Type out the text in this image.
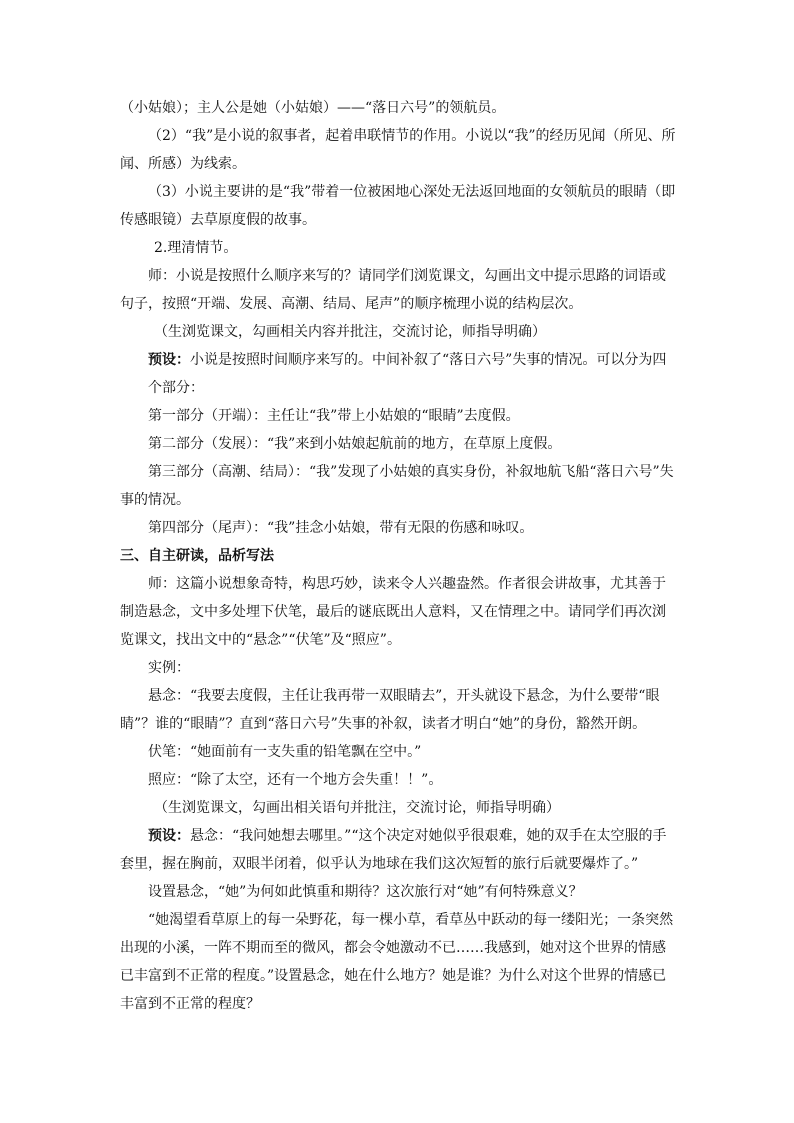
（小姑娘）；主人公是她（小姑娘）——“落日六号”的领航员。

（2）“我”是小说的叙事者，起着串联情节的作用。小说以“我”的经历见闻（所见、所闻、所感）为线索。

（3）小说主要讲的是“我”带着一位被困地心深处无法返回地面的女领航员的眼睛（即传感眼镜）去草原度假的故事。

2.理清情节。

师：小说是按照什么顺序来写的？请同学们浏览课文，勾画出文中提示思路的词语或句子，按照“开端、发展、高潮、结局、尾声”的顺序梳理小说的结构层次。

（生浏览课文，勾画相关内容并批注，交流讨论，师指导明确）

预设：小说是按照时间顺序来写的。中间补叙了“落日六号”失事的情况。可以分为四个部分：

第一部分（开端）：主任让“我”带上小姑娘的“眼睛”去度假。

第二部分（发展）：“我”来到小姑娘起航前的地方，在草原上度假。

第三部分（高潮、结局）：“我”发现了小姑娘的真实身份，补叙地航飞船“落日六号”失事的情况。

第四部分（尾声）：“我”挂念小姑娘，带有无限的伤感和咏叹。

三、自主研读，品析写法

师：这篇小说想象奇特，构思巧妙，读来令人兴趣盎然。作者很会讲故事，尤其善于制造悬念，文中多处埋下伏笔，最后的谜底既出人意料，又在情理之中。请同学们再次浏览课文，找出文中的“悬念”“伏笔”及“照应”。

实例：

悬念：“我要去度假，主任让我再带一双眼睛去”，开头就设下悬念，为什么要带“眼睛”？谁的“眼睛”？直到“落日六号”失事的补叙，读者才明白“她”的身份，豁然开朗。

伏笔：“她面前有一支失重的铅笔飘在空中。”

照应：“除了太空，还有一个地方会失重！！”。

（生浏览课文，勾画出相关语句并批注，交流讨论，师指导明确）

预设：悬念：“我问她想去哪里。”“这个决定对她似乎很艰难，她的双手在太空服的手套里，握在胸前，双眼半闭着，似乎认为地球在我们这次短暂的旅行后就要爆炸了。”

设置悬念，“她”为何如此慎重和期待？这次旅行对“她”有何特殊意义？

“她渴望看草原上的每一朵野花，每一棵小草，看草丛中跃动的每一缕阳光；一条突然出现的小溪，一阵不期而至的微风，都会令她激动不已……我感到，她对这个世界的情感已丰富到不正常的程度。”设置悬念，她在什么地方？她是谁？为什么对这个世界的情感已丰富到不正常的程度？
